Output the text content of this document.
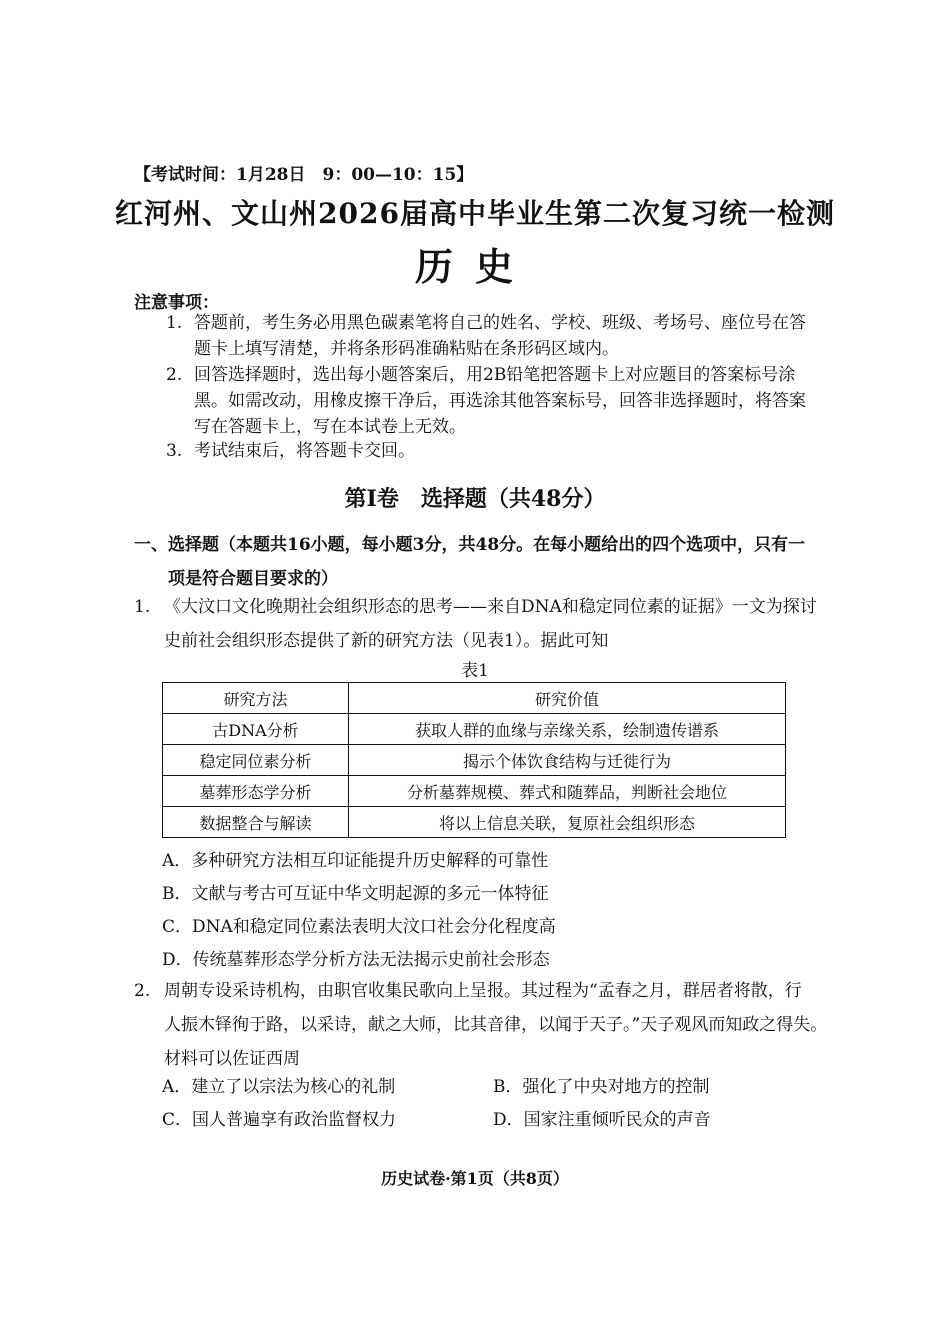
【考试时间：1月28日　9：00—10：15】
红河州、文山州2026届高中毕业生第二次复习统一检测
历史
注意事项：
1. 答题前，考生务必用黑色碳素笔将自己的姓名、学校、班级、考场号、座位号在答
题卡上填写清楚，并将条形码准确粘贴在条形码区域内。
2. 回答选择题时，选出每小题答案后，用2B铅笔把答题卡上对应题目的答案标号涂
黑。如需改动，用橡皮擦干净后，再选涂其他答案标号，回答非选择题时，将答案
写在答题卡上，写在本试卷上无效。
3. 考试结束后，将答题卡交回。
第Ⅰ卷　选择题（共48分）
一、选择题（本题共16小题，每小题3分，共48分。在每小题给出的四个选项中，只有一
　　项是符合题目要求的）
1. 《大汶口文化晚期社会组织形态的思考——来自DNA和稳定同位素的证据》一文为探讨
史前社会组织形态提供了新的研究方法（见表1）。据此可知
表1
研究方法	研究价值
古DNA分析	获取人群的血缘与亲缘关系，绘制遗传谱系
稳定同位素分析	揭示个体饮食结构与迁徙行为
墓葬形态学分析	分析墓葬规模、葬式和随葬品，判断社会地位
数据整合与解读	将以上信息关联，复原社会组织形态
A．多种研究方法相互印证能提升历史解释的可靠性
B．文献与考古可互证中华文明起源的多元一体特征
C．DNA和稳定同位素法表明大汶口社会分化程度高
D．传统墓葬形态学分析方法无法揭示史前社会形态
2. 周朝专设采诗机构，由职官收集民歌向上呈报。其过程为“孟春之月，群居者将散，行
人振木铎徇于路，以采诗，献之大师，比其音律，以闻于天子。”天子观风而知政之得失。
材料可以佐证西周
A．建立了以宗法为核心的礼制	B．强化了中央对地方的控制
C．国人普遍享有政治监督权力	D．国家注重倾听民众的声音
历史试卷·第1页（共8页）
